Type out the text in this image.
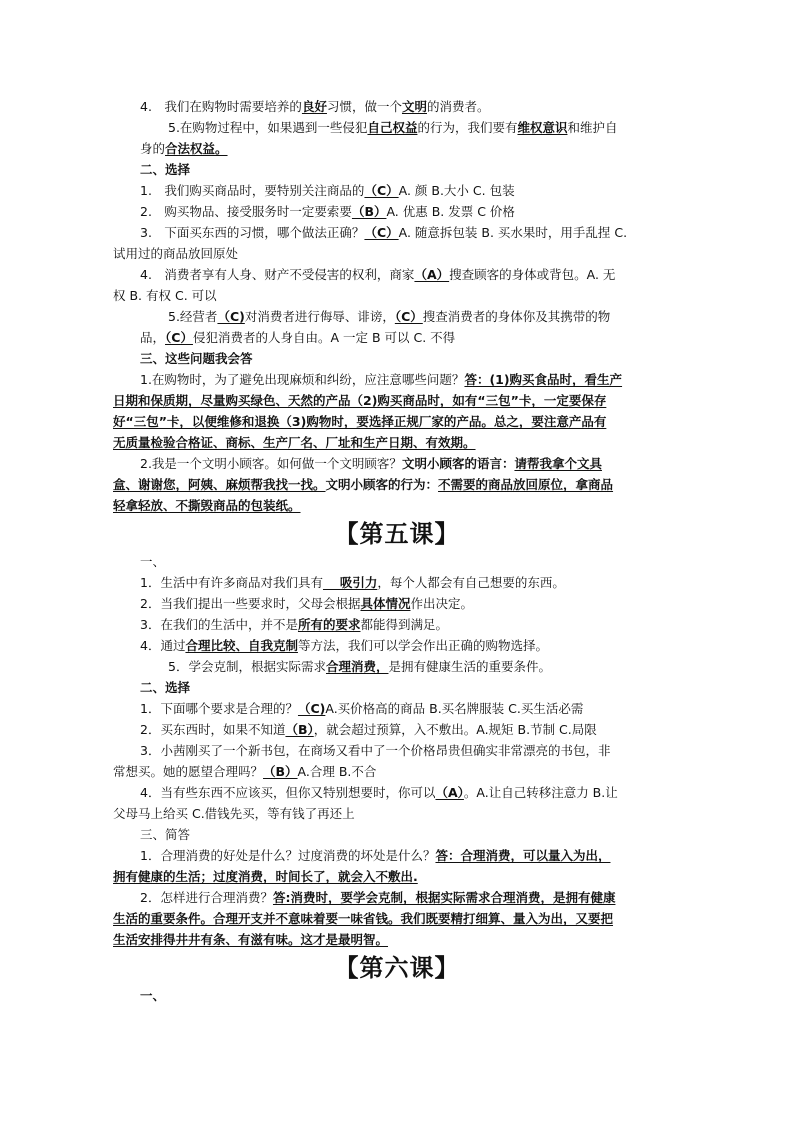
4.　我们在购物时需要培养的良好习惯，做一个文明的消费者。
5.在购物过程中，如果遇到一些侵犯自己权益的行为，我们要有维权意识和维护自
身的合法权益。
二、选择
1.　我们购买商品时，要特别关注商品的（C）A. 颜 B.大小 C. 包装
2.　购买物品、接受服务时一定要索要（B）A. 优惠 B. 发票 C 价格
3.　下面买东西的习惯，哪个做法正确？（C）A. 随意拆包装 B. 买水果时，用手乱捏 C.
试用过的商品放回原处
4.　消费者享有人身、财产不受侵害的权利，商家（A）搜查顾客的身体或背包。A. 无
权 B. 有权 C. 可以
5.经营者（C)对消费者进行侮辱、诽谤，（C）搜查消费者的身体你及其携带的物
品，（C）侵犯消费者的人身自由。A 一定 B 可以 C. 不得
三、这些问题我会答
1.在购物时，为了避免出现麻烦和纠纷，应注意哪些问题？答：(1)购买食品时，看生产
日期和保质期，尽量购买绿色、天然的产品（2)购买商品时，如有“三包”卡，一定要保存
好“三包”卡，以便维修和退换（3)购物时，要选择正规厂家的产品。总之，要注意产品有
无质量检验合格证、商标、生产厂名、厂址和生产日期、有效期。
2.我是一个文明小顾客。如何做一个文明顾客？文明小顾客的语言：请帮我拿个文具
盒、谢谢您，阿姨、麻烦帮我找一找。文明小顾客的行为：不需要的商品放回原位，拿商品
轻拿轻放、不撕毁商品的包装纸。
一、
1．生活中有许多商品对我们具有　 吸引力，每个人都会有自己想要的东西。
2．当我们提出一些要求时，父母会根据具体情况作出决定。
3．在我们的生活中，并不是所有的要求都能得到满足。
4．通过合理比较、自我克制等方法，我们可以学会作出正确的购物选择。
5．学会克制，根据实际需求合理消费，是拥有健康生活的重要条件。
二、选择
1．下面哪个要求是合理的？（C)A.买价格高的商品 B.买名牌服装 C.买生活必需
2．买东西时，如果不知道（B），就会超过预算，入不敷出。A.规矩 B.节制 C.局限
3．小茜刚买了一个新书包，在商场又看中了一个价格昂贵但确实非常漂亮的书包，非
常想买。她的愿望合理吗？（B）A.合理 B.不合
4．当有些东西不应该买，但你又特别想要时，你可以（A）。A.让自己转移注意力 B.让
父母马上给买 C.借钱先买，等有钱了再还上
三、简答
1．合理消费的好处是什么？过度消费的坏处是什么？答：合理消费，可以量入为出，
拥有健康的生活；过度消费，时间长了，就会入不敷出.
2．怎样进行合理消费？答:消费时，要学会克制，根据实际需求合理消费，是拥有健康
生活的重要条件。合理开支并不意味着要一味省钱。我们既要精打细算、量入为出，又要把
生活安排得井井有条、有滋有味。这才是最明智。
一、
【第五课】
【第六课】
